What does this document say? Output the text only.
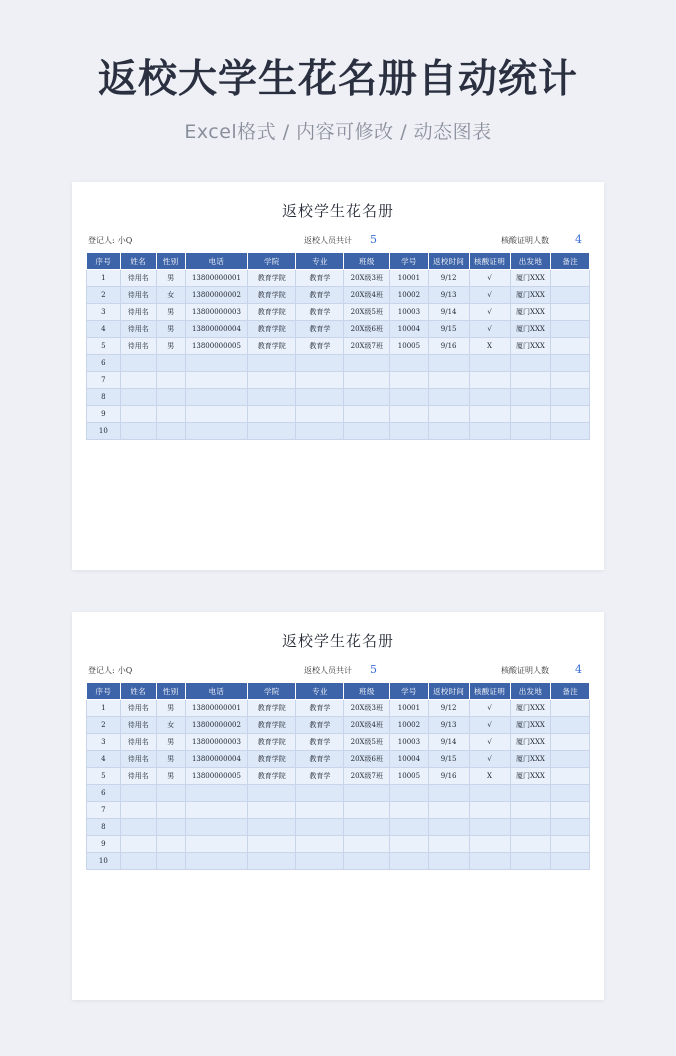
返校大学生花名册自动统计
Excel格式 / 内容可修改 / 动态图表
返校学生花名册
登记人: 小Q	返校人员共计 5	核酸证明人数 4
序号	姓名	性别	电话	学院	专业	班级	学号	返校时间	核酸证明	出发地	备注
1	待用名	男	13800000001	教育学院	教育学	20X级3班	10001	9/12	√	厦门XXX	
2	待用名	女	13800000002	教育学院	教育学	20X级4班	10002	9/13	√	厦门XXX	
3	待用名	男	13800000003	教育学院	教育学	20X级5班	10003	9/14	√	厦门XXX	
4	待用名	男	13800000004	教育学院	教育学	20X级6班	10004	9/15	√	厦门XXX	
5	待用名	男	13800000005	教育学院	教育学	20X级7班	10005	9/16	X	厦门XXX	
6											
7											
8											
9											
10											
返校学生花名册
登记人: 小Q	返校人员共计 5	核酸证明人数 4
序号	姓名	性别	电话	学院	专业	班级	学号	返校时间	核酸证明	出发地	备注
1	待用名	男	13800000001	教育学院	教育学	20X级3班	10001	9/12	√	厦门XXX	
2	待用名	女	13800000002	教育学院	教育学	20X级4班	10002	9/13	√	厦门XXX	
3	待用名	男	13800000003	教育学院	教育学	20X级5班	10003	9/14	√	厦门XXX	
4	待用名	男	13800000004	教育学院	教育学	20X级6班	10004	9/15	√	厦门XXX	
5	待用名	男	13800000005	教育学院	教育学	20X级7班	10005	9/16	X	厦门XXX	
6											
7											
8											
9											
10											
